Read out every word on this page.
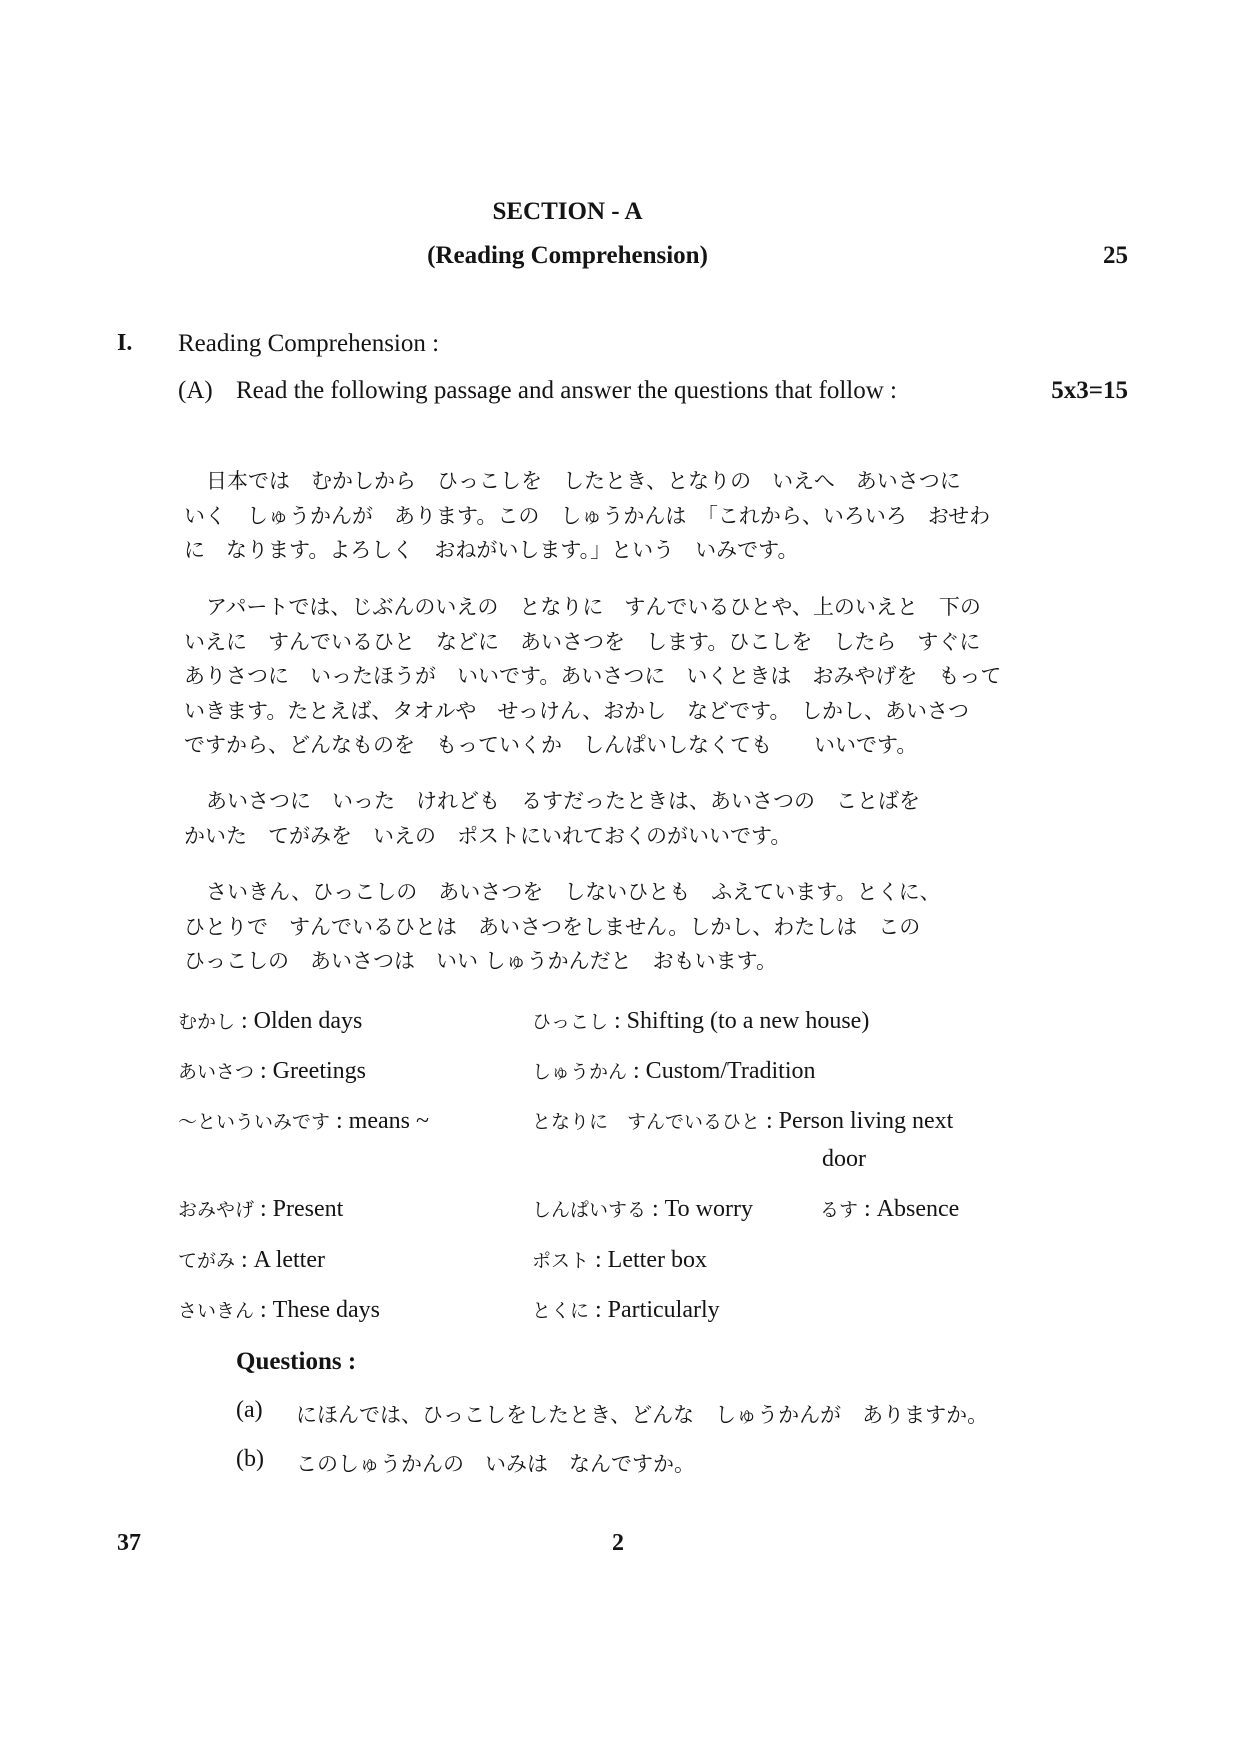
SECTION - A
(Reading Comprehension)	25
I. Reading Comprehension :
(A) Read the following passage and answer the questions that follow :	5x3=15

日本では　むかしから　ひっこしを　したとき、となりの　いえへ　あいさつに

いく　しゅうかんが　あります。この　しゅうかんは　「これから、いろいろ　おせわ

に　なります。よろしく　おねがいします。」という　いみです。

アパートでは、じぶんのいえの　となりに　すんでいるひとや、上のいえと　下の

いえに　すんでいるひと　などに　あいさつを　します。ひこしを　したら　すぐに

ありさつに　いったほうが　いいです。あいさつに　いくときは　おみやげを　もって

いきます。たとえば、タオルや　せっけん、おかし　などです。　しかし、あいさつ

ですから、どんなものを　もっていくか　しんぱいしなくても　　いいです。

あいさつに　いった　けれども　るすだったときは、あいさつの　ことばを

かいた　てがみを　いえの　ポストにいれておくのがいいです。

さいきん、ひっこしの　あいさつを　しないひとも　ふえています。とくに、

ひとりで　すんでいるひとは　あいさつをしません。しかし、わたしは　この

ひっこしの　あいさつは　いい しゅうかんだと　おもいます。

むかし : Olden days	ひっこし : Shifting (to a new house)
あいさつ : Greetings	しゅうかん : Custom/Tradition
～といういみです : means ~	となりに　すんでいるひと : Person living next
door
おみやげ : Present	しんぱいする : To worry	るす : Absence
てがみ : A letter	ポスト : Letter box
さいきん : These days	とくに : Particularly
Questions :
(a) にほんでは、ひっこしをしたとき、どんな　しゅうかんが　ありますか。
(b) このしゅうかんの　いみは　なんですか。
37	2
